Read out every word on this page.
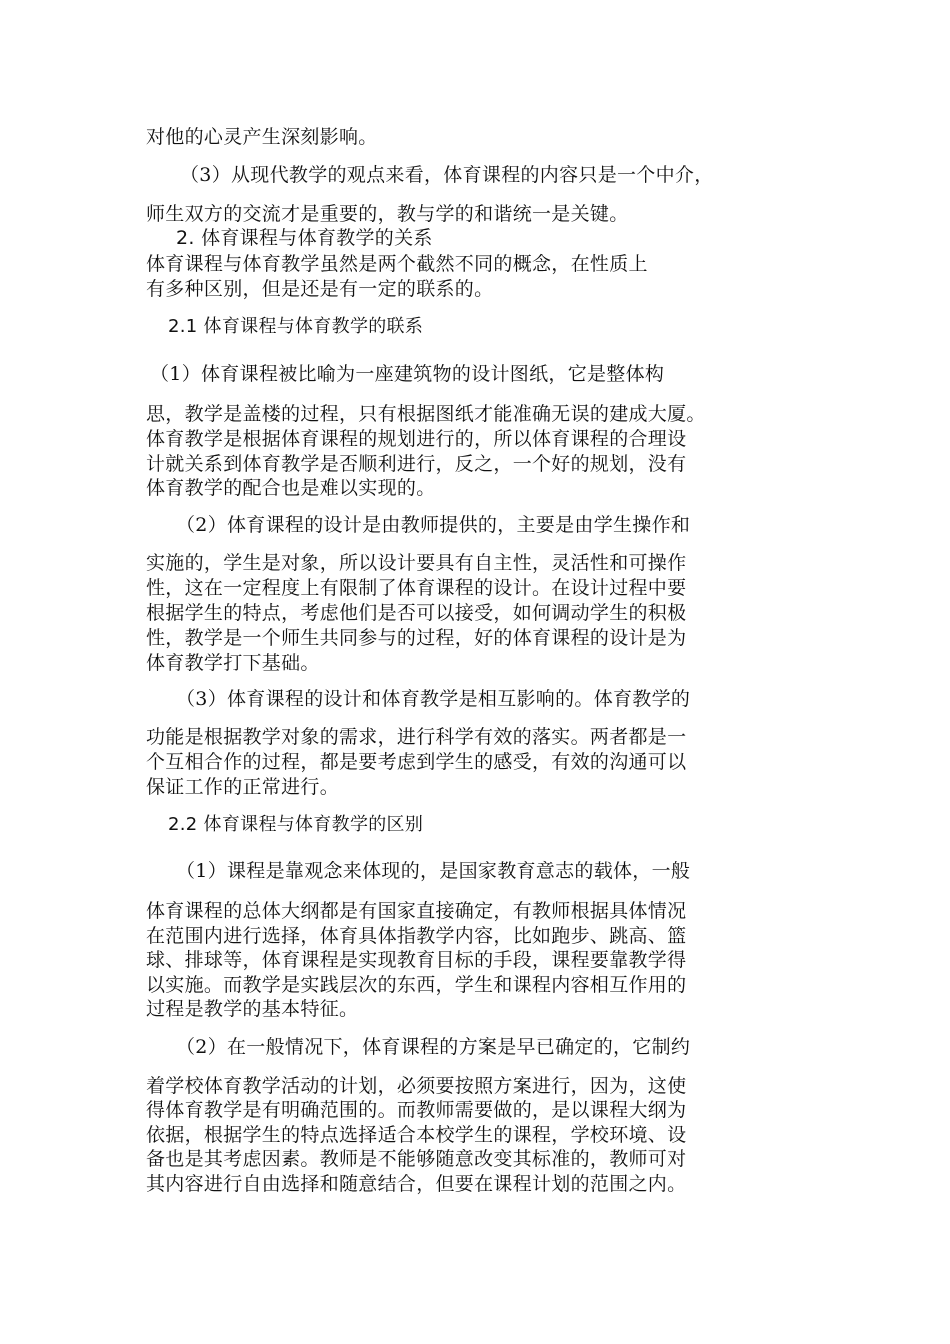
对他的心灵产生深刻影响。
（3）从现代教学的观点来看，体育课程的内容只是一个中介，
师生双方的交流才是重要的，教与学的和谐统一是关键。
2. 体育课程与体育教学的关系
体育课程与体育教学虽然是两个截然不同的概念，在性质上
有多种区别，但是还是有一定的联系的。
2.1 体育课程与体育教学的联系
（1）体育课程被比喻为一座建筑物的设计图纸，它是整体构
思，教学是盖楼的过程，只有根据图纸才能准确无误的建成大厦。
体育教学是根据体育课程的规划进行的，所以体育课程的合理设
计就关系到体育教学是否顺利进行，反之，一个好的规划，没有
体育教学的配合也是难以实现的。
（2）体育课程的设计是由教师提供的，主要是由学生操作和
实施的，学生是对象，所以设计要具有自主性，灵活性和可操作
性，这在一定程度上有限制了体育课程的设计。在设计过程中要
根据学生的特点，考虑他们是否可以接受，如何调动学生的积极
性，教学是一个师生共同参与的过程，好的体育课程的设计是为
体育教学打下基础。
（3）体育课程的设计和体育教学是相互影响的。体育教学的
功能是根据教学对象的需求，进行科学有效的落实。两者都是一
个互相合作的过程，都是要考虑到学生的感受，有效的沟通可以
保证工作的正常进行。
2.2 体育课程与体育教学的区别
（1）课程是靠观念来体现的，是国家教育意志的载体，一般
体育课程的总体大纲都是有国家直接确定，有教师根据具体情况
在范围内进行选择，体育具体指教学内容，比如跑步、跳高、篮
球、排球等，体育课程是实现教育目标的手段，课程要靠教学得
以实施。而教学是实践层次的东西，学生和课程内容相互作用的
过程是教学的基本特征。
（2）在一般情况下，体育课程的方案是早已确定的，它制约
着学校体育教学活动的计划，必须要按照方案进行，因为，这使
得体育教学是有明确范围的。而教师需要做的，是以课程大纲为
依据，根据学生的特点选择适合本校学生的课程，学校环境、设
备也是其考虑因素。教师是不能够随意改变其标准的，教师可对
其内容进行自由选择和随意结合，但要在课程计划的范围之内。
